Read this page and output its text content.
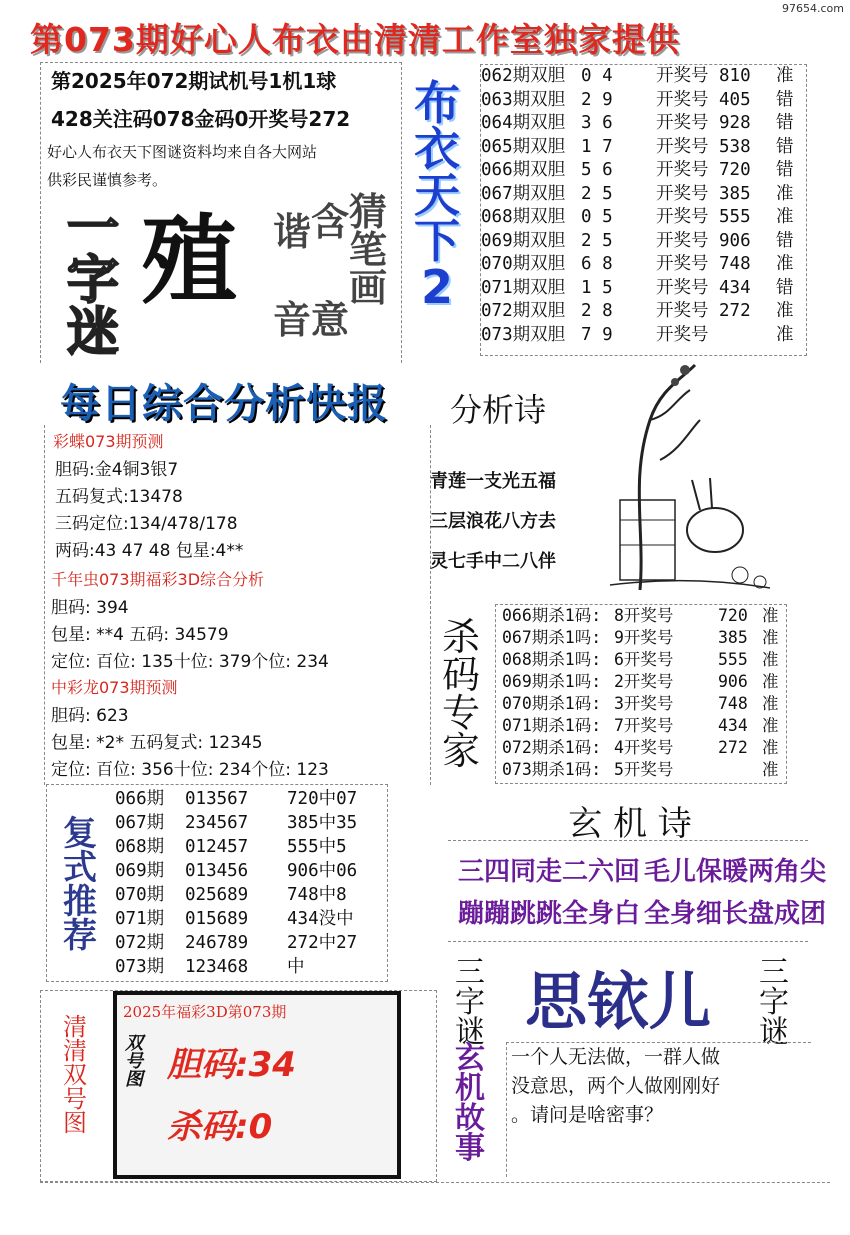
97654.com
第073期好心人布衣由清清工作室独家提供
第2025年072期试机号1机1球
428关注码078金码0开奖号272
好心人布衣天下图谜资料均来自各大网站
供彩民谨慎参考。
一
字
迷
殖 谐
音
含
意
猜
笔
画
布
衣
天
下
2
062期双胆 0 4 开奖号 810 准
063期双胆 2 9 开奖号 405 错
064期双胆 3 6 开奖号 928 错
065期双胆 1 7 开奖号 538 错
066期双胆 5 6 开奖号 720 错
067期双胆 2 5 开奖号 385 准
068期双胆 0 5 开奖号 555 准
069期双胆 2 5 开奖号 906 错
070期双胆 6 8 开奖号 748 准
071期双胆 1 5 开奖号 434 错
072期双胆 2 8 开奖号 272 准
073期双胆 7 9 开奖号	准
每日综合分析快报
彩蝶073期预测
胆码:金4铜3银7
五码复式:13478
三码定位:134/478/178
两码:43 47 48 包星:4**
千年虫073期福彩3D综合分析
胆码: 394
包星: **4 五码: 34579
定位: 百位: 135十位: 379个位: 234
中彩龙073期预测
胆码: 623
包星: *2* 五码复式: 12345
定位: 百位: 356十位: 234个位: 123
分析诗
青莲一支光五福
三层浪花八方去
灵七手中二八伴
杀
码
专
家
066期杀1码: 8开奖号	720 准
067期杀1吗: 9开奖号	385 准
068期杀1吗: 6开奖号	555 准
069期杀1吗: 2开奖号	906 准
070期杀1码: 3开奖号	748 准
071期杀1码: 7开奖号	434 准
072期杀1码: 4开奖号	272 准
073期杀1码: 5开奖号	准
复
式
推
荐
066期 013567 720中07
067期 234567 385中35
068期 012457 555中5
069期 013456 906中06
070期 025689 748中8
071期 015689 434没中
072期 246789 272中27
073期 123468 中
玄 机 诗
三四同走二六回 毛儿保暖两角尖
蹦蹦跳跳全身白 全身细长盘成团
清
清
双
号
图
2025年福彩3D第073期
双
号
图 胆码:34
杀码:0
三
字
谜 思铱儿	三
字
谜
玄
机
故
事
一个人无法做，一群人做
没意思，两个人做刚刚好
。请问是啥密事？
